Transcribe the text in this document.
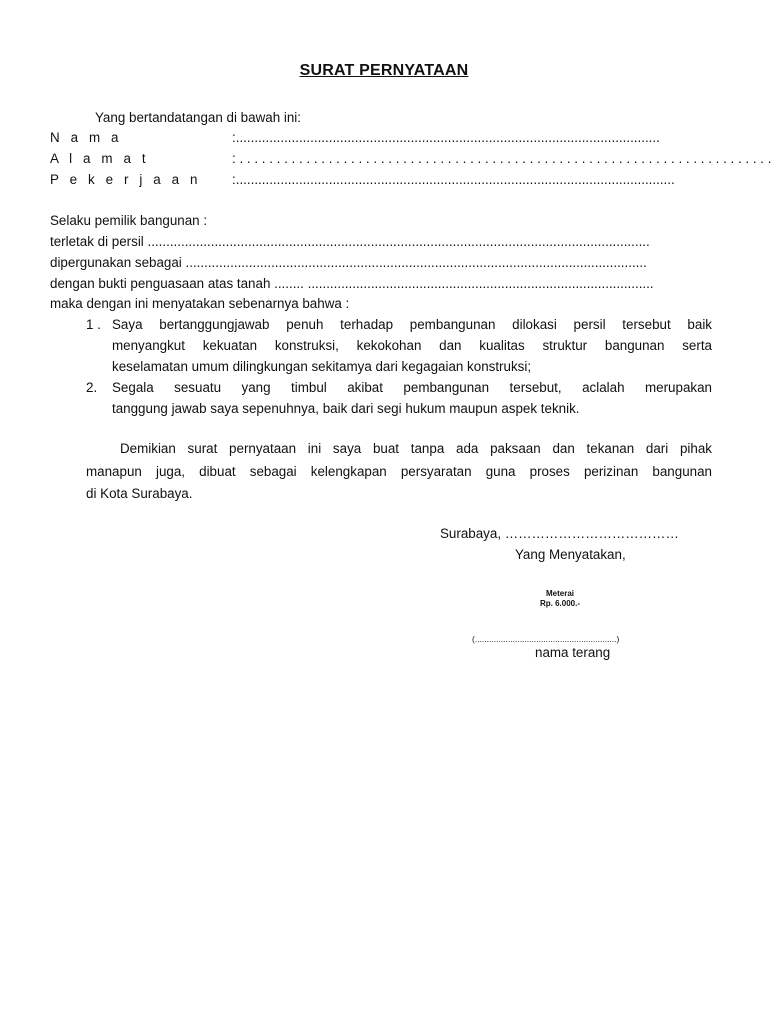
SURAT PERNYATAAN
Yang bertandatangan di bawah ini:
N a m a	:..................................................................................................................
A l a m a t	: . . . . . . . . . . . . . . . . . . . . . . . . . . . . . . . . . . . . . . . . . . . . . . . . . . . . . . . . . . . . . . . . . . . . . . . .
P e k e r j a a n :......................................................................................................................
Selaku pemilik bangunan :
terletak di persil .......................................................................................................................................
dipergunakan sebagai ............................................................................................................................
dengan bukti penguasaan atas tanah ........ .............................................................................................
maka dengan ini menyatakan sebenarnya bahwa :
1 . Saya bertanggungjawab penuh terhadap pembangunan dilokasi persil tersebut baik
menyangkut kekuatan konstruksi, kekokohan dan kualitas struktur bangunan serta
keselamatan umum dilingkungan sekitamya dari kegagaian konstruksi;
2. Segala sesuatu yang timbul akibat pembangunan tersebut, aclalah merupakan
tanggung jawab saya sepenuhnya, baik dari segi hukum maupun aspek teknik.
Demikian surat pernyataan ini saya buat tanpa ada paksaan dan tekanan dari pihak
manapun juga, dibuat sebagai kelengkapan persyaratan guna proses perizinan bangunan
di Kota Surabaya.
Surabaya, …………………………………
Yang Menyatakan,
Meterai
Rp. 6.000.-
(............................................................)
nama terang
